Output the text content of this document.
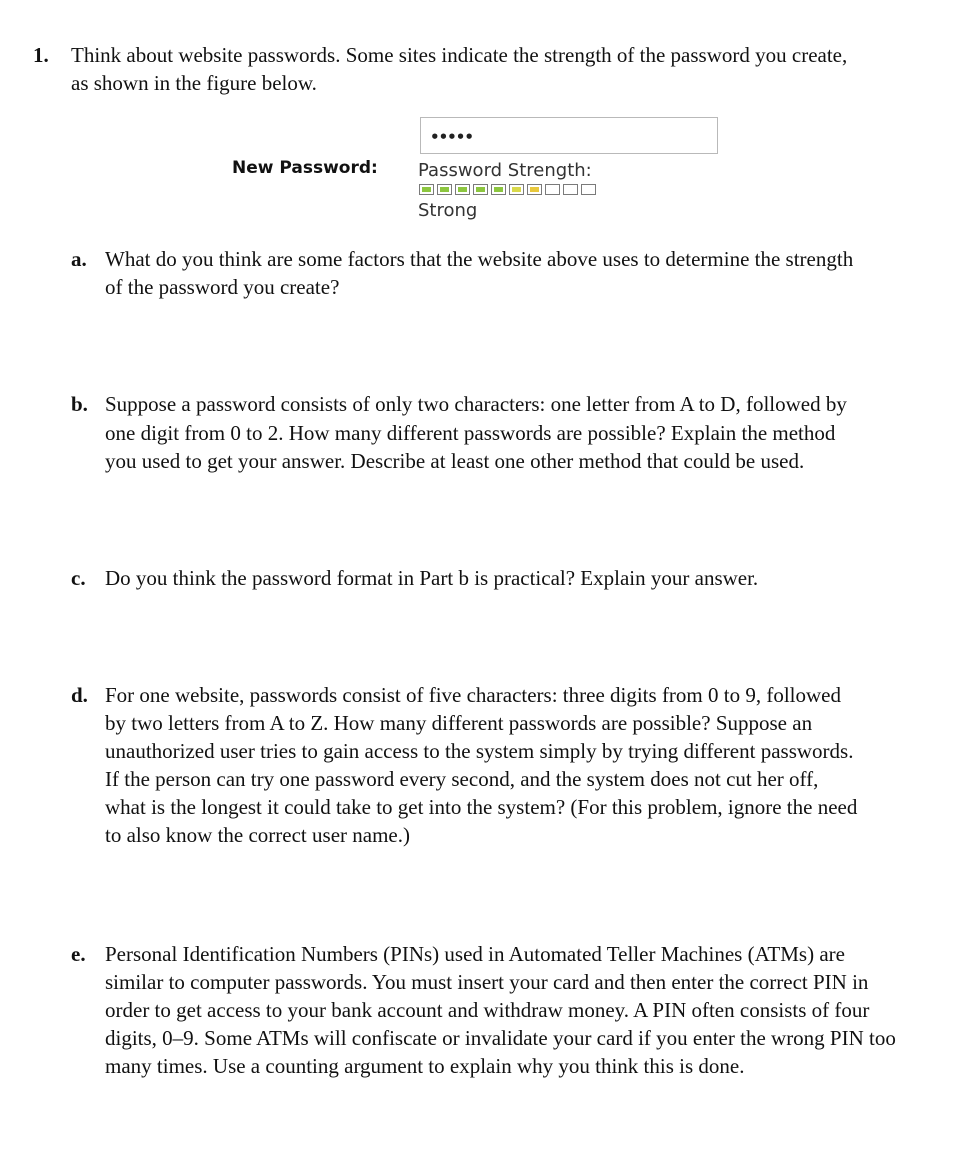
1. Think about website passwords. Some sites indicate the strength of the password you create,
as shown in the figure below.
New Password:
•••••
Password Strength:
Strong
a. What do you think are some factors that the website above uses to determine the strength
of the password you create?
b. Suppose a password consists of only two characters: one letter from A to D, followed by
one digit from 0 to 2. How many different passwords are possible? Explain the method
you used to get your answer. Describe at least one other method that could be used.
c. Do you think the password format in Part b is practical? Explain your answer.
d. For one website, passwords consist of five characters: three digits from 0 to 9, followed
by two letters from A to Z. How many different passwords are possible? Suppose an
unauthorized user tries to gain access to the system simply by trying different passwords.
If the person can try one password every second, and the system does not cut her off,
what is the longest it could take to get into the system? (For this problem, ignore the need
to also know the correct user name.)
e. Personal Identification Numbers (PINs) used in Automated Teller Machines (ATMs) are
similar to computer passwords. You must insert your card and then enter the correct PIN in
order to get access to your bank account and withdraw money. A PIN often consists of four
digits, 0–9. Some ATMs will confiscate or invalidate your card if you enter the wrong PIN too
many times. Use a counting argument to explain why you think this is done.
